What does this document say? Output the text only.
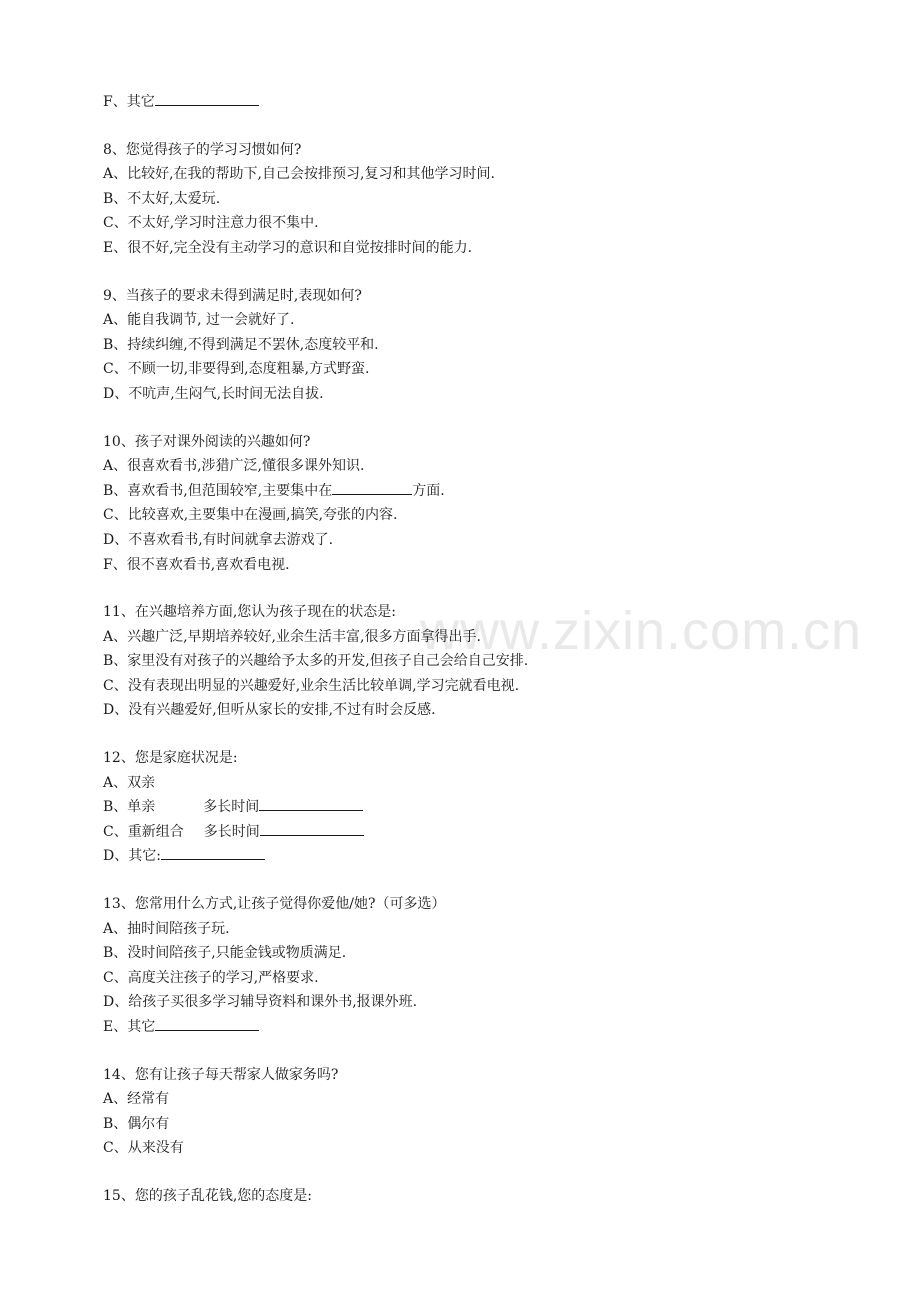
www.zixin.com.cn
F、其它
8、您觉得孩子的学习习惯如何?
A、比较好,在我的帮助下,自己会按排预习,复习和其他学习时间.
B、不太好,太爱玩.
C、不太好,学习时注意力很不集中.
E、很不好,完全没有主动学习的意识和自觉按排时间的能力.
9、当孩子的要求未得到满足时,表现如何?
A、能自我调节, 过一会就好了.
B、持续纠缠,不得到满足不罢休,态度较平和.
C、不顾一切,非要得到,态度粗暴,方式野蛮.
D、不吭声,生闷气,长时间无法自拔.
10、孩子对课外阅读的兴趣如何?
A、很喜欢看书,涉猎广泛,懂很多课外知识.
B、喜欢看书,但范围较窄,主要集中在	方面.
C、比较喜欢,主要集中在漫画,搞笑,夸张的内容.
D、不喜欢看书,有时间就拿去游戏了.
F、很不喜欢看书,喜欢看电视.
11、在兴趣培养方面,您认为孩子现在的状态是:
A、兴趣广泛,早期培养较好,业余生活丰富,很多方面拿得出手.
B、家里没有对孩子的兴趣给予太多的开发,但孩子自己会给自己安排.
C、没有表现出明显的兴趣爱好,业余生活比较单调,学习完就看电视.
D、没有兴趣爱好,但听从家长的安排,不过有时会反感.
12、您是家庭状况是:
A、双亲
B、单亲	多长时间
C、重新组合 多长时间
D、其它:
13、您常用什么方式,让孩子觉得你爱他/她?（可多选）
A、抽时间陪孩子玩.
B、没时间陪孩子,只能金钱或物质满足.
C、高度关注孩子的学习,严格要求.
D、给孩子买很多学习辅导资料和课外书,报课外班.
E、其它
14、您有让孩子每天帮家人做家务吗?
A、经常有
B、偶尔有
C、从来没有
15、您的孩子乱花钱,您的态度是:
